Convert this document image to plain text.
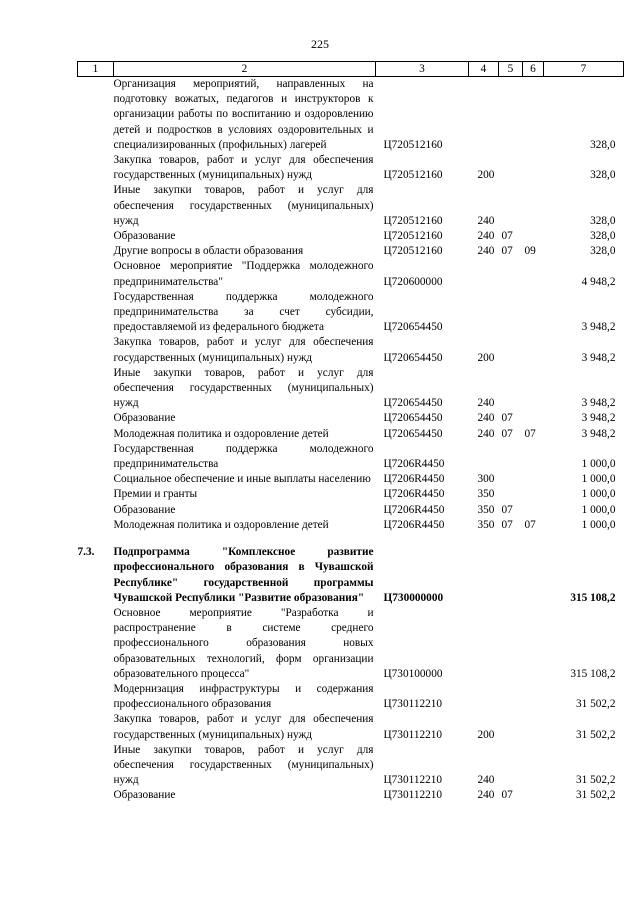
225
1	2	3	4	5	6	7
	Организация мероприятий, направленных на подготовку вожатых, педагогов и инструкторов к организации работы по воспитанию и оздоровлению детей и подростков в условиях оздоровительных и специализированных (профильных) лагерей	Ц720512160				328,0
	Закупка товаров, работ и услуг для обеспечения государственных (муниципальных) нужд	Ц720512160	200			328,0
	Иные закупки товаров, работ и услуг для обеспечения государственных (муниципальных) нужд	Ц720512160	240			328,0
	Образование	Ц720512160	240	07		328,0
	Другие вопросы в области образования	Ц720512160	240	07	09	328,0
	Основное мероприятие "Поддержка молодежного предпринимательства"	Ц720600000				4 948,2
	Государственная поддержка молодежного предпринимательства за счет субсидии, предоставляемой из федерального бюджета	Ц720654450				3 948,2
	Закупка товаров, работ и услуг для обеспечения государственных (муниципальных) нужд	Ц720654450	200			3 948,2
	Иные закупки товаров, работ и услуг для обеспечения государственных (муниципальных) нужд	Ц720654450	240			3 948,2
	Образование	Ц720654450	240	07		3 948,2
	Молодежная политика и оздоровление детей	Ц720654450	240	07	07	3 948,2
	Государственная поддержка молодежного предпринимательства	Ц7206R4450				1 000,0
	Социальное обеспечение и иные выплаты населению	Ц7206R4450	300			1 000,0
	Премии и гранты	Ц7206R4450	350			1 000,0
	Образование	Ц7206R4450	350	07		1 000,0
	Молодежная политика и оздоровление детей	Ц7206R4450	350	07	07	1 000,0

7.3.	Подпрограмма "Комплексное развитие профессионального образования в Чувашской Республике" государственной программы Чувашской Республики "Развитие образования"	Ц730000000				315 108,2
	Основное мероприятие "Разработка и распространение в системе среднего профессионального образования новых образовательных технологий, форм организации образовательного процесса"	Ц730100000				315 108,2
	Модернизация инфраструктуры и содержания профессионального образования	Ц730112210				31 502,2
	Закупка товаров, работ и услуг для обеспечения государственных (муниципальных) нужд	Ц730112210	200			31 502,2
	Иные закупки товаров, работ и услуг для обеспечения государственных (муниципальных) нужд	Ц730112210	240			31 502,2
	Образование	Ц730112210	240	07		31 502,2
